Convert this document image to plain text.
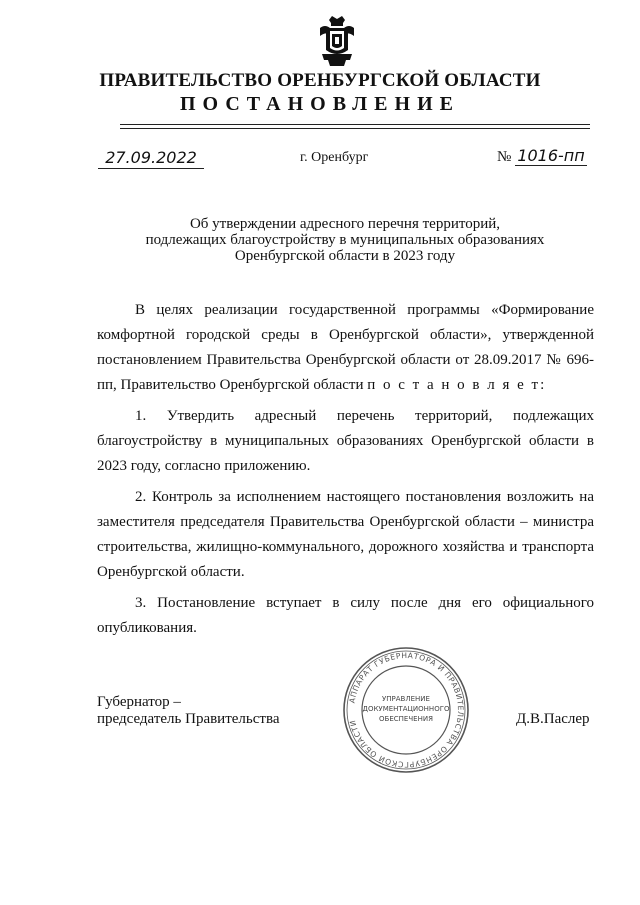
ПРАВИТЕЛЬСТВО ОРЕНБУРГСКОЙ ОБЛАСТИ
ПОСТАНОВЛЕНИЕ
27.09.2022	г. Оренбург	№ 1016-пп
Об утверждении адресного перечня территорий,
подлежащих благоустройству в муниципальных образованиях
Оренбургской области в 2023 году

В целях реализации государственной программы «Формирование комфортной городской среды в Оренбургской области», утвержденной постановлением Правительства Оренбургской области от 28.09.2017 № 696-пп, Правительство Оренбургской области п о с т а н о в л я е т:

1. Утвердить адресный перечень территорий, подлежащих благоустройству в муниципальных образованиях Оренбургской области в 2023 году, согласно приложению.

2. Контроль за исполнением настоящего постановления возложить на заместителя председателя Правительства Оренбургской области – министра строительства, жилищно-коммунального, дорожного хозяйства и транспорта Оренбургской области.

3. Постановление вступает в силу после дня его официального опубликования.

Губернатор –
председатель Правительства
АППАРАТ ГУБЕРНАТОРА И ПРАВИТЕЛЬСТВА ОРЕНБУРГСКОЙ ОБЛАСТИ
УПРАВЛЕНИЕ
ДОКУМЕНТАЦИОННОГО
ОБЕСПЕЧЕНИЯ	Д.В.Паслер
